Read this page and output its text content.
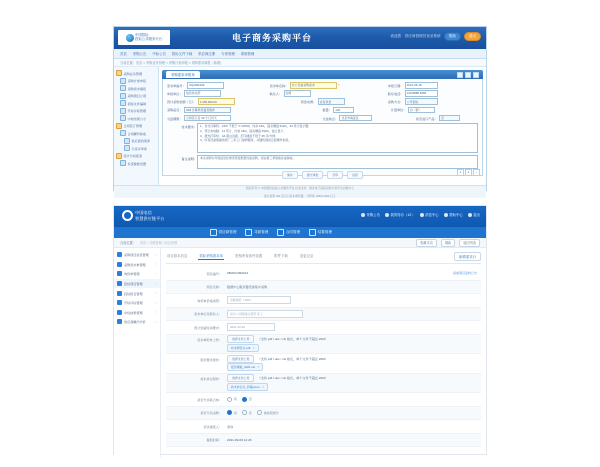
中国招标
投标公共服务平台	电子商务采购平台	欢迎您：供应商管理员登录系统	帮助	退出
首页 采购公告 中标公告 招标文件下载 供应商注册 专家管理 系统管理
当前位置：首页 > 采购业务管理 > 采购计划申报 > 采购需求填报（新增）
采购业务管理
采购计划申报
采购需求填报
采购项目立项
招标文件编制
开标评标管理
中标结果公示
合同签订管理
合同履约验收
供应商档案库
专家评审库
统计分析报表
系统参数设置
采购需求申报单
需求单编号： XQ2021006	需求单名称： 办公设备采购需求	*	申报日期： 2021-06-18
申报单位： 信息技术部	联系人： 张明	联系电话： 010-8888 6666
预计采购金额（元）： 1,250,000.00	资金来源： 自有资金	采购方式： 公开招标
采购品目： A03 计算机设备及软件	数量： 120	计量单位： 台（套）
交货期限： 合同签订后 30 个日历天	交货地点： 北京市海淀区	是否进口产品： 否
技术要求： 1、台式计算机：CPU 不低于 i7-10700，内存 16G，固态硬盘 512G，23 英寸显示器；

2、笔记本电脑：14 英寸，内存 16G，固态硬盘 512G，独立显卡；

3、激光打印机：A4 黑白双面，打印速度不低于 35 页/分钟；

4、所有设备须提供原厂三年上门保修服务，并随机提供正版操作系统。

备注说明： 本次采购为年度信息化建设项目配套设备采购，需在第三季度前完成验收。

保存	提交审批	打印	返回
版权所有 © 中国招标投标公共服务平台 技术支持：国家电子招标投标交易平台运维中心
建议使用 IE9 及以上版本浏览器，分辨率 1280×1024 以上
1	2	›
中国电信
智慧供应链平台
采购公告	我的待办（12）	消息中心	帮助中心	退出
供应商管理	寻源管理	合同管理	结算管理
当前位置： 首页 / 寻源管理 / 项目详情	收藏本页	刷新	返回列表
采购项目信息管理 >
采购需求单管理	>
询价单管理	>
招标项目管理	>
投标报名管理	>
开标评标管理	>
中标结果管理	>
供应商履约评价	>
项目基本信息	招标采购需求单	资格审查条件设置	附件下载	变更记录	新增需求行
项目编号：	ZB2021090012	查看项目流转日志
项目名称：	数据中心服务器设备集中采购
询价单价格类型：	含税单价（13%）
需求单位及联系人：	省分公司网络运营部 李工
预计到货时间要求：	2021-10-30
需求单附件上传：	选择文件上传	（支持 pdf / doc / xls 格式，单个文件不超过 20M）

技术规范书.pdf ✕
报价要求附件：	选择文件上传	（支持 pdf / doc / xls 格式，单个文件不超过 20M）

报价模板_2021.xls ✕
技术协议附件：	选择文件上传	（支持 pdf / doc / xls 格式，单个文件不超过 20M）

技术协议书_终稿.docx ✕
是否允许联合体：	是	否
是否分包采购：	是	否	按标段划分
需求提报人：	李伟
提报时间：	2021-09-08 14:26
